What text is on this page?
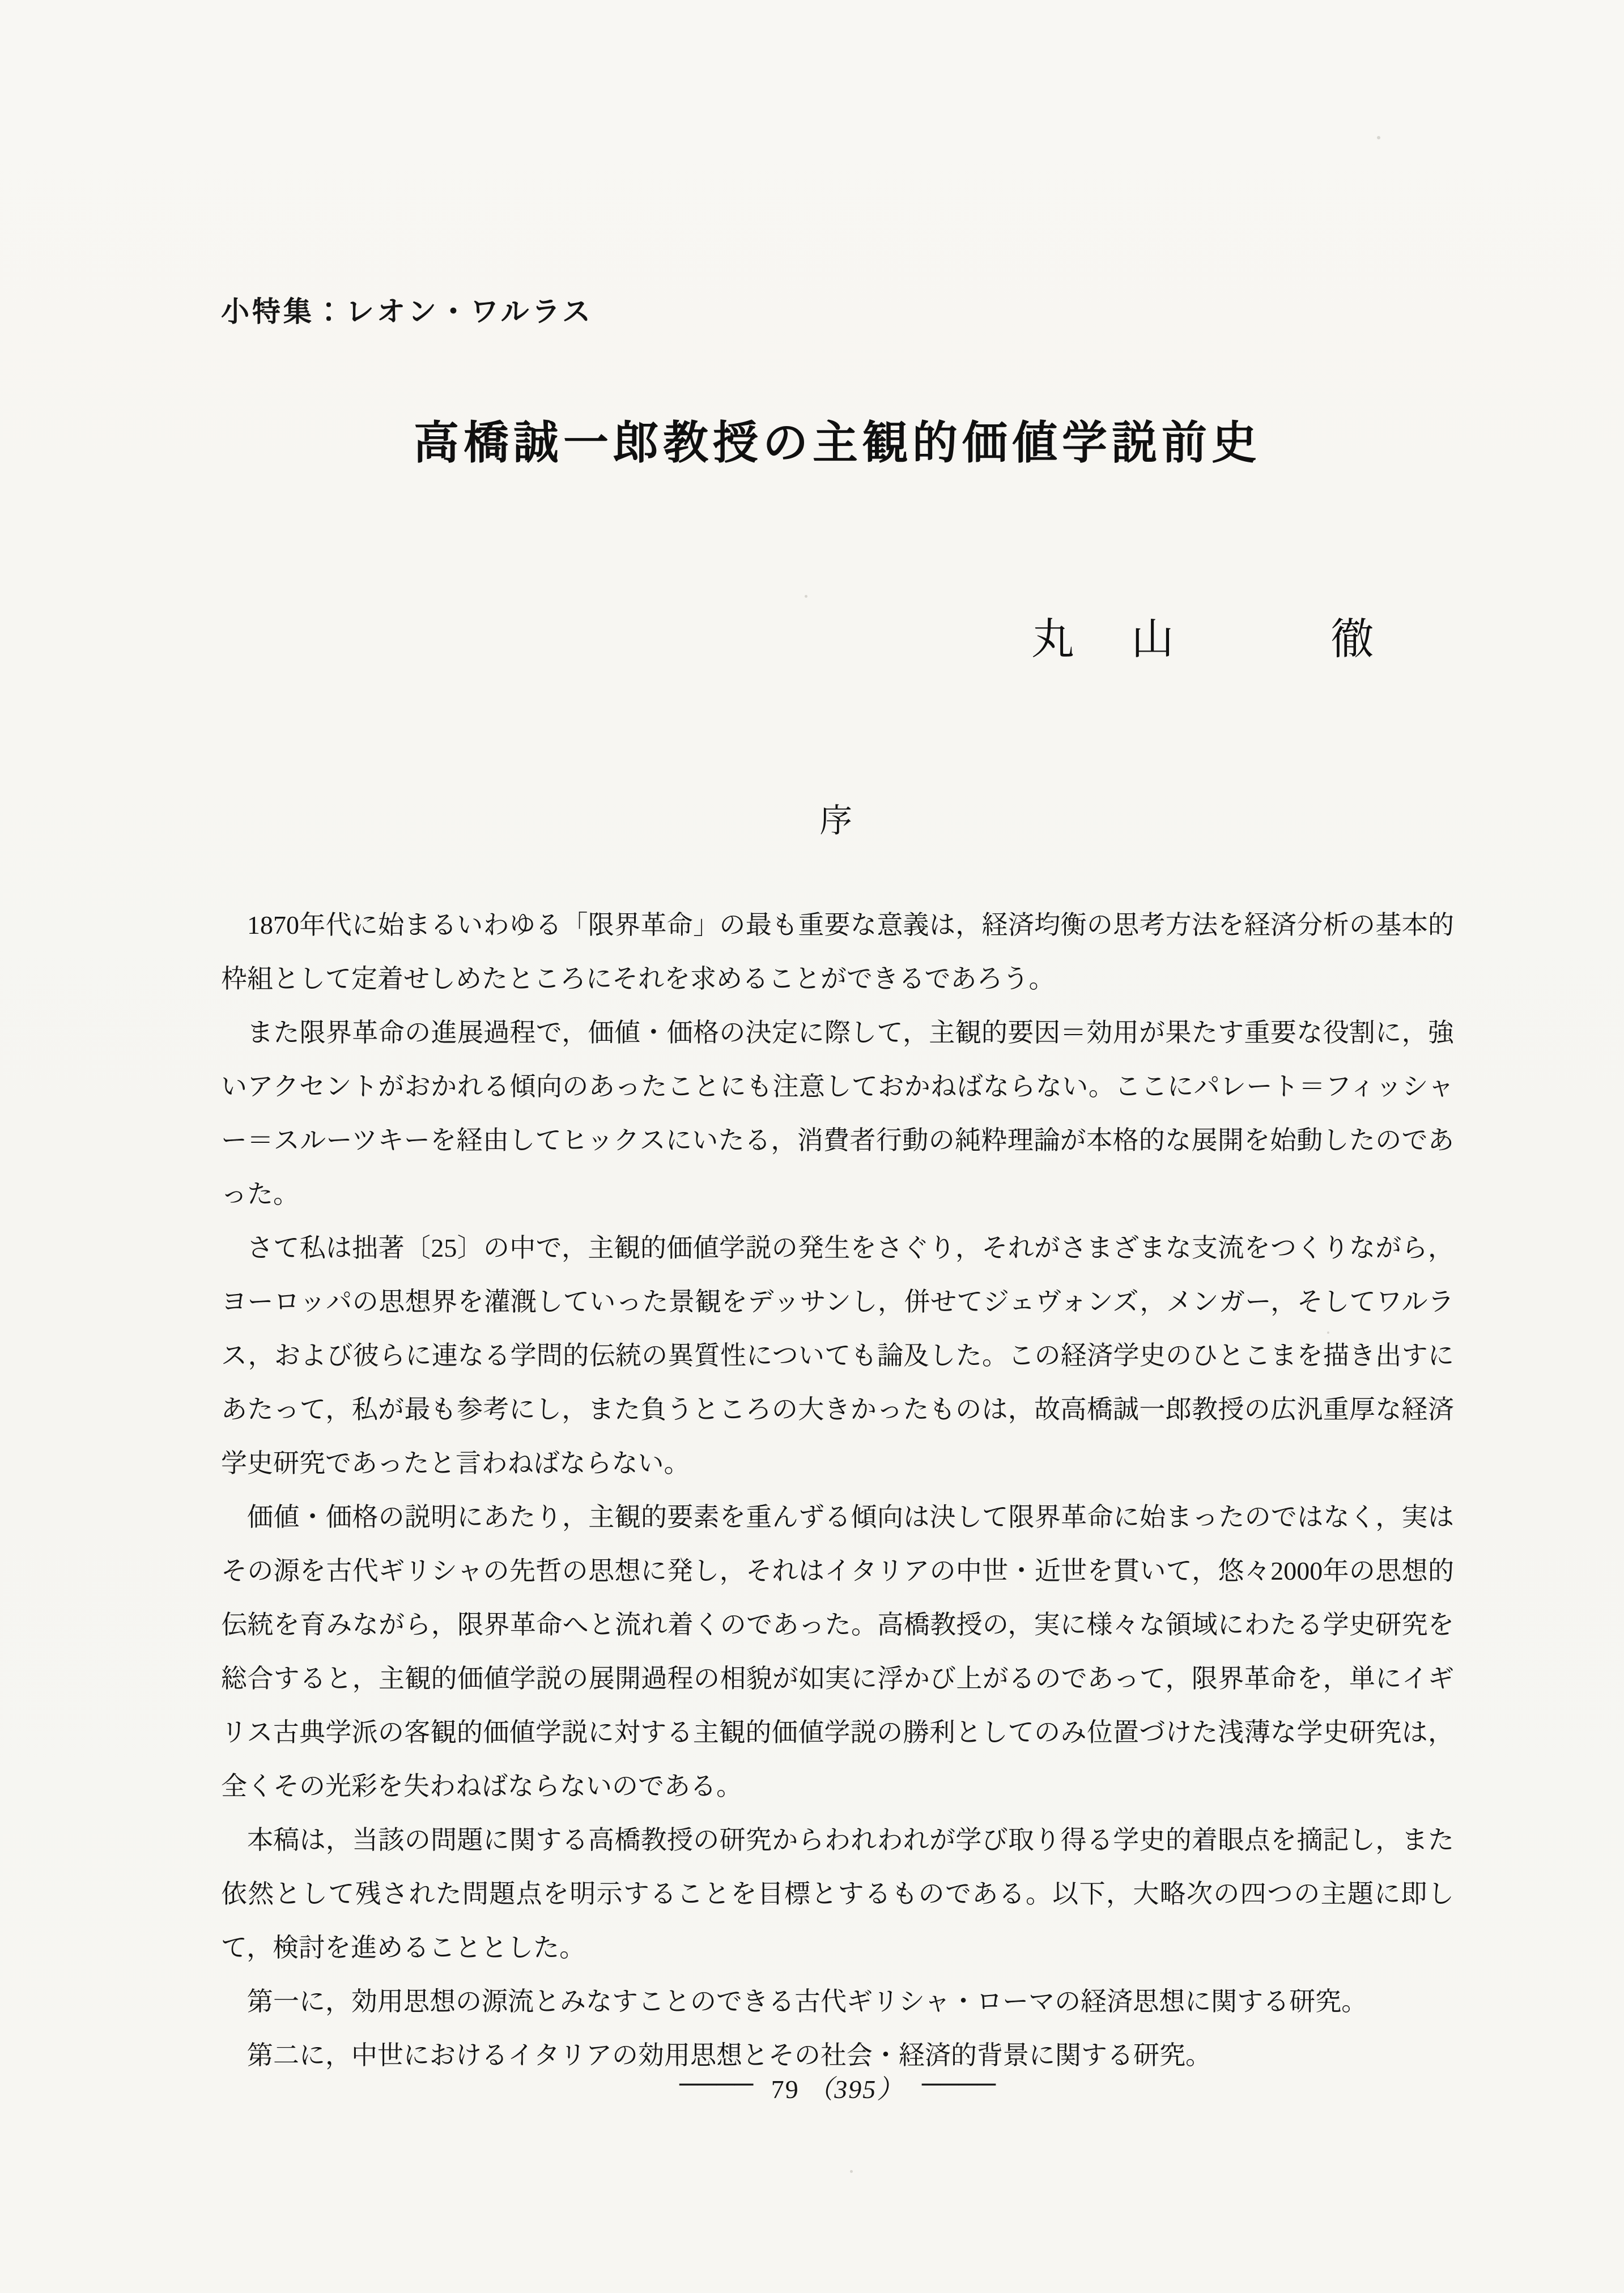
小特集：レオン・ワルラス
高橋誠一郎教授の主観的価値学説前史
丸　山　　　徹
序

1870年代に始まるいわゆる「限界革命」の最も重要な意義は，経済均衡の思考方法を経済分析の基本的枠組として定着せしめたところにそれを求めることができるであろう。

また限界革命の進展過程で，価値・価格の決定に際して，主観的要因＝効用が果たす重要な役割に，強いアクセントがおかれる傾向のあったことにも注意しておかねばならない。ここにパレート＝フィッシャー＝スルーツキーを経由してヒックスにいたる，消費者行動の純粋理論が本格的な展開を始動したのであった。

さて私は拙著〔25〕の中で，主観的価値学説の発生をさぐり，それがさまざまな支流をつくりながら，ヨーロッパの思想界を灌漑していった景観をデッサンし，併せてジェヴォンズ，メンガー，そしてワルラス，および彼らに連なる学問的伝統の異質性についても論及した。この経済学史のひとこまを描き出すにあたって，私が最も参考にし，また負うところの大きかったものは，故高橋誠一郎教授の広汎重厚な経済学史研究であったと言わねばならない。

価値・価格の説明にあたり，主観的要素を重んずる傾向は決して限界革命に始まったのではなく，実はその源を古代ギリシャの先哲の思想に発し，それはイタリアの中世・近世を貫いて，悠々2000年の思想的伝統を育みながら，限界革命へと流れ着くのであった。高橋教授の，実に様々な領域にわたる学史研究を総合すると，主観的価値学説の展開過程の相貌が如実に浮かび上がるのであって，限界革命を，単にイギリス古典学派の客観的価値学説に対する主観的価値学説の勝利としてのみ位置づけた浅薄な学史研究は，全くその光彩を失わねばならないのである。

本稿は，当該の問題に関する高橋教授の研究からわれわれが学び取り得る学史的着眼点を摘記し，また依然として残された問題点を明示することを目標とするものである。以下，大略次の四つの主題に即して，検討を進めることとした。

第一に，効用思想の源流とみなすことのできる古代ギリシャ・ローマの経済思想に関する研究。

第二に，中世におけるイタリアの効用思想とその社会・経済的背景に関する研究。

──── 79 （395） ────
